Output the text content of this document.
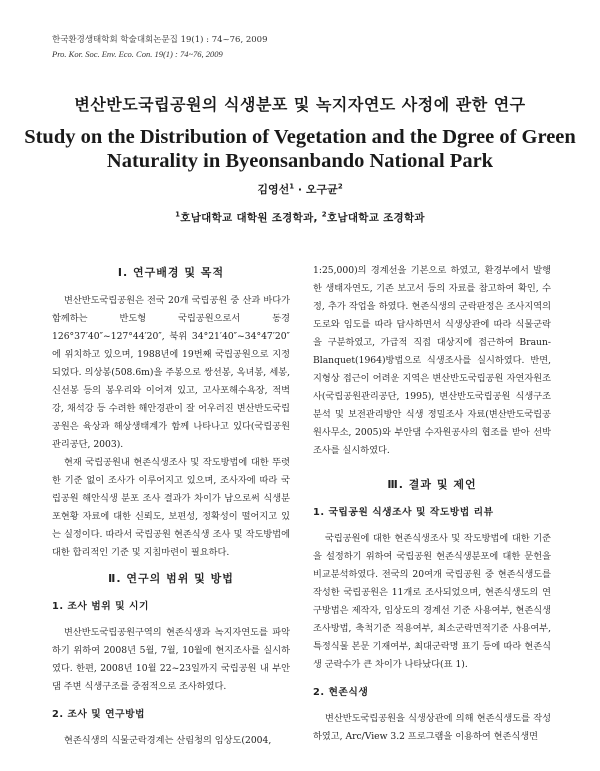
한국환경생태학회 학술대회논문집 19(1) : 74~76, 2009
Pro. Kor. Soc. Env. Eco. Con. 19(1) : 74~76, 2009
변산반도국립공원의 식생분포 및 녹지자연도 사정에 관한 연구
Study on the Distribution of Vegetation and the Dgree of Green
Naturality in Byeonsanbando National Park
김영선$^1$ · 오구균$^2$
$^1$호남대학교 대학원 조경학과, $^2$호남대학교 조경학과
Ⅰ. 연구배경 및 목적

변산반도국립공원은 전국 20개 국립공원 중 산과 바다가 함께하는 반도형 국립공원으로서 동경 126°37′40″~127°44′20″, 북위 34°21′40″~34°47′20″에 위치하고 있으며, 1988년에 19번째 국립공원으로 지정되었다. 의상봉(508.6m)을 주봉으로 쌍선봉, 옥녀봉, 세봉, 신선봉 등의 봉우리와 이어져 있고, 고사포해수욕장, 적벽강, 채석강 등 수려한 해안경관이 잘 어우러진 변산반도국립공원은 육상과 해상생태계가 함께 나타나고 있다(국립공원관리공단, 2003).

현재 국립공원내 현존식생조사 및 작도방법에 대한 뚜렷한 기준 없이 조사가 이루어지고 있으며, 조사자에 따라 국립공원 해안식생 분포 조사 결과가 차이가 남으로써 식생분포현황 자료에 대한 신뢰도, 보편성, 정확성이 떨어지고 있는 실정이다. 따라서 국립공원 현존식생 조사 및 작도방법에 대한 합리적인 기준 및 지침마련이 필요하다.

Ⅱ. 연구의 범위 및 방법
1. 조사 범위 및 시기

변산반도국립공원구역의 현존식생과 녹지자연도를 파악하기 위하여 2008년 5월, 7월, 10월에 현지조사를 실시하였다. 한편, 2008년 10월 22~23일까지 국립공원 내 부안댐 주변 식생구조를 중점적으로 조사하였다.

2. 조사 및 연구방법

현존식생의 식물군락경계는 산림청의 임상도(2004,

1:25,000)의 경계선을 기본으로 하였고, 환경부에서 발행한 생태자연도, 기존 보고서 등의 자료를 참고하여 확인, 수정, 추가 작업을 하였다. 현존식생의 군락판정은 조사지역의 도로와 임도를 따라 답사하면서 식생상관에 따라 식물군락을 구분하였고, 가급적 직접 대상지에 접근하여 Braun-Blanquet(1964)방법으로 식생조사를 실시하였다. 반면, 지형상 접근이 어려운 지역은 변산반도국립공원 자연자원조사(국립공원관리공단, 1995), 변산반도국립공원 식생구조분석 및 보전관리방안 식생 정밀조사 자료(변산반도국립공원사무소, 2005)와 부안댐 수자원공사의 협조를 받아 선박조사를 실시하였다.

Ⅲ. 결과 및 제언
1. 국립공원 식생조사 및 작도방법 리뷰

국립공원에 대한 현존식생조사 및 작도방법에 대한 기준을 설정하기 위하여 국립공원 현존식생분포에 대한 문헌을 비교분석하였다. 전국의 20여개 국립공원 중 현존식생도를 작성한 국립공원은 11개로 조사되었으며, 현존식생도의 연구방법은 제작자, 임상도의 경계선 기준 사용여부, 현존식생 조사방법, 축척기준 적용여부, 최소군락면적기준 사용여부, 특정식물 본문 기재여부, 최대군락명 표기 등에 따라 현존식생 군락수가 큰 차이가 나타났다(표 1).

2. 현존식생

변산반도국립공원을 식생상관에 의해 현존식생도를 작성하였고, Arc/View 3.2 프로그램을 이용하여 현존식생면
